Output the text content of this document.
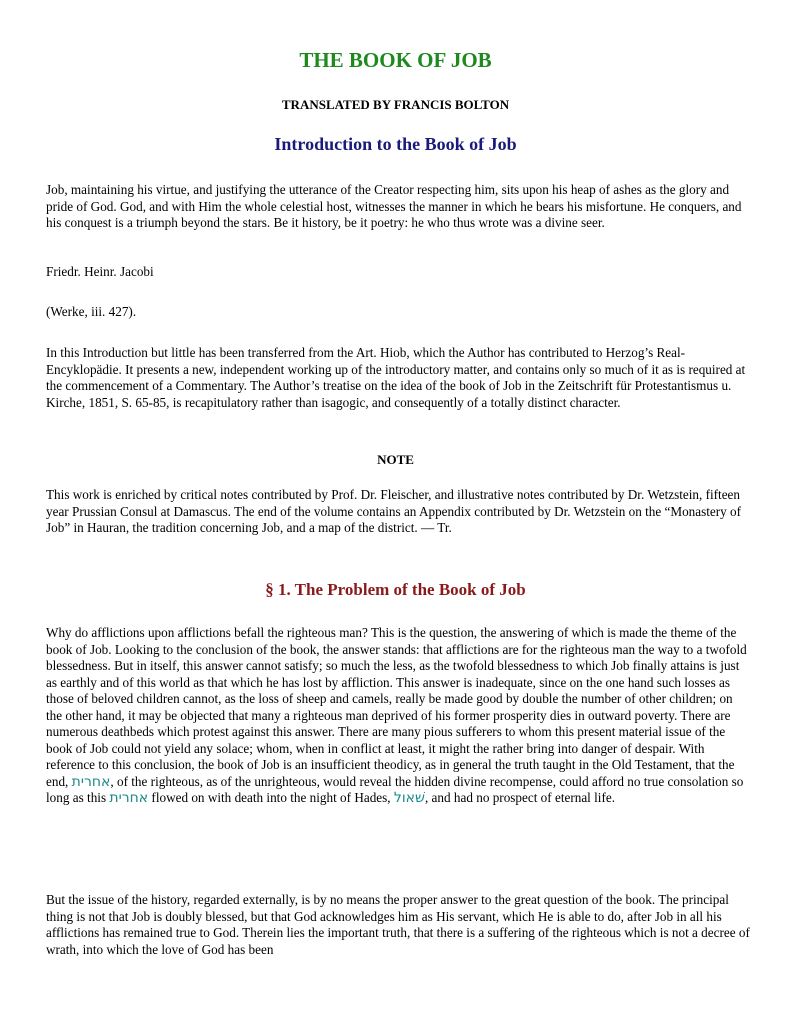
THE BOOK OF JOB
TRANSLATED BY FRANCIS BOLTON
Introduction to the Book of Job

Job, maintaining his virtue, and justifying the utterance of the Creator respecting him, sits upon his heap of ashes as the glory and pride of God. God, and with Him the whole celestial host, witnesses the manner in which he bears his misfortune. He conquers, and his conquest is a triumph beyond the stars. Be it history, be it poetry: he who thus wrote was a divine seer.

Friedr. Heinr. Jacobi

(Werke, iii. 427).

In this Introduction but little has been transferred from the Art. Hiob, which the Author has contributed to Herzog’s Real-Encyklopädie. It presents a new, independent working up of the introductory matter, and contains only so much of it as is required at the commencement of a Commentary. The Author’s treatise on the idea of the book of Job in the Zeitschrift für Protestantismus u. Kirche, 1851, S. 65-85, is recapitulatory rather than isagogic, and consequently of a totally distinct character.

NOTE

This work is enriched by critical notes contributed by Prof. Dr. Fleischer, and illustrative notes contributed by Dr. Wetzstein, fifteen year Prussian Consul at Damascus. The end of the volume contains an Appendix contributed by Dr. Wetzstein on the “Monastery of Job” in Hauran, the tradition concerning Job, and a map of the district. — Tr.

§ 1. The Problem of the Book of Job

Why do afflictions upon afflictions befall the righteous man? This is the question, the answering of which is made the theme of the book of Job. Looking to the conclusion of the book, the answer stands: that afflictions are for the righteous man the way to a twofold blessedness. But in itself, this answer cannot satisfy; so much the less, as the twofold blessedness to which Job finally attains is just as earthly and of this world as that which he has lost by affliction. This answer is inadequate, since on the one hand such losses as those of beloved children cannot, as the loss of sheep and camels, really be made good by double the number of other children; on the other hand, it may be objected that many a righteous man deprived of his former prosperity dies in outward poverty. There are numerous deathbeds which protest against this answer. There are many pious sufferers to whom this present material issue of the book of Job could not yield any solace; whom, when in conflict at least, it might the rather bring into danger of despair. With reference to this conclusion, the book of Job is an insufficient theodicy, as in general the truth taught in the Old Testament, that the end, אחרית, of the righteous, as of the unrighteous, would reveal the hidden divine recompense, could afford no true consolation so long as this אחרית flowed on with death into the night of Hades, שׁאול, and had no prospect of eternal life.

But the issue of the history, regarded externally, is by no means the proper answer to the great question of the book. The principal thing is not that Job is doubly blessed, but that God acknowledges him as His servant, which He is able to do, after Job in all his afflictions has remained true to God. Therein lies the important truth, that there is a suffering of the righteous which is not a decree of wrath, into which the love of God has been
